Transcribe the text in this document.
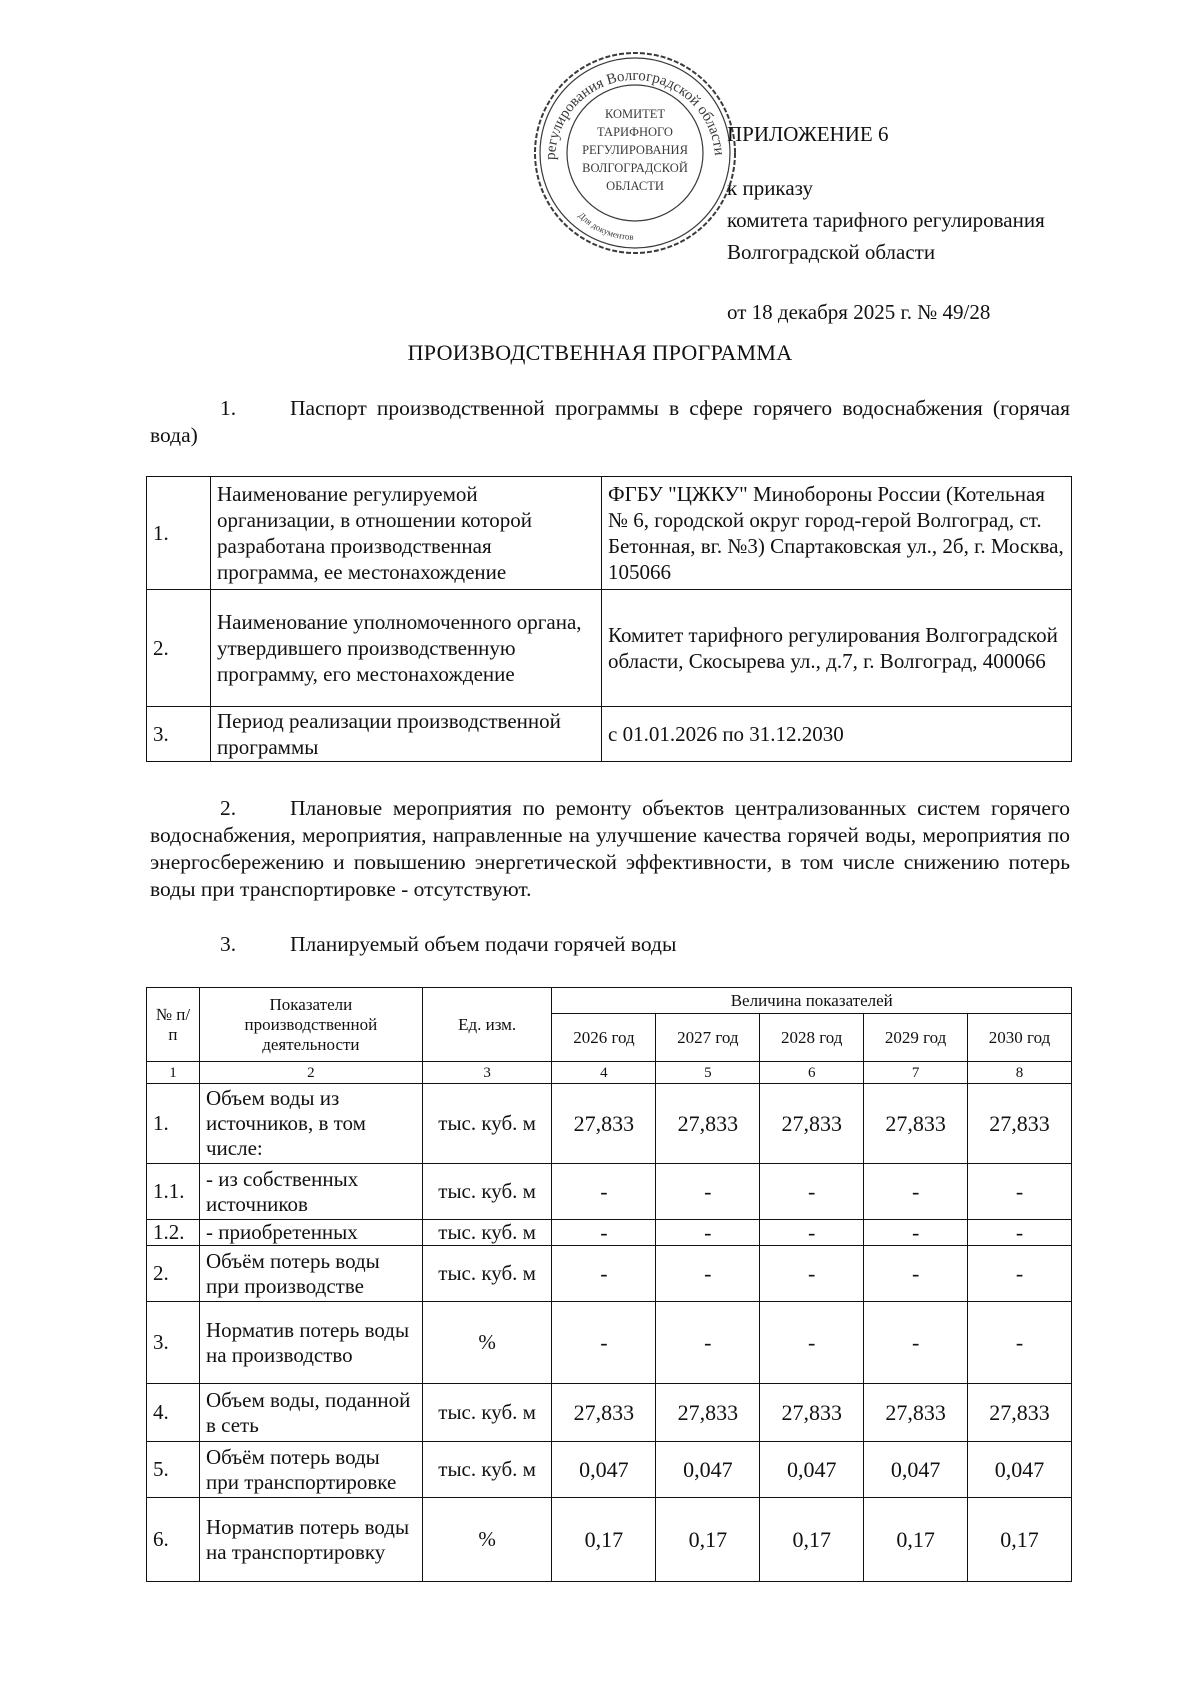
регулирования Волгоградской области
Для документов
КОМИТЕТ
ТАРИФНОГО
РЕГУЛИРОВАНИЯ
ВОЛГОГРАДСКОЙ
ОБЛАСТИ
ПРИЛОЖЕНИЕ 6
к приказу
комитета тарифного регулирования
Волгоградской области
от 18 декабря 2025 г. № 49/28
ПРОИЗВОДСТВЕННАЯ ПРОГРАММА
1.	Паспорт производственной программы в сфере горячего водоснабжения (горячая вода)
1.	Наименование регулируемой организации, в отношении которой разработана производственная программа, ее местонахождение	ФГБУ "ЦЖКУ" Минобороны России (Котельная № 6, городской округ город-герой Волгоград, ст. Бетонная, вг. №3) Спартаковская ул., 2б, г. Москва, 105066
2.	Наименование уполномоченного органа, утвердившего производственную программу, его местонахождение	Комитет тарифного регулирования Волгоградской области, Скосырева ул., д.7, г. Волгоград, 400066
3.	Период реализации производственной программы	с 01.01.2026 по 31.12.2030
2.	Плановые мероприятия по ремонту объектов централизованных систем горячего водоснабжения, мероприятия, направленные на улучшение качества горячей воды, мероприятия по энергосбережению и повышению энергетической эффективности, в том числе снижению потерь воды при транспортировке - отсутствуют.
3.	Планируемый объем подачи горячей воды
№ п/п	Показатели производственной деятельности	Ед. изм.	Величина показателей				
			2026 год	2027 год	2028 год	2029 год	2030 год
1	2	3	4	5	6	7	8
1.	Объем воды из источников, в том числе:	тыс. куб. м	27,833	27,833	27,833	27,833	27,833
1.1.	- из собственных источников	тыс. куб. м	-	-	-	-	-
1.2.	- приобретенных	тыс. куб. м	-	-	-	-	-
2.	Объём потерь воды при производстве	тыс. куб. м	-	-	-	-	-
3.	Норматив потерь воды на производство	%	-	-	-	-	-
4.	Объем воды, поданной в сеть	тыс. куб. м	27,833	27,833	27,833	27,833	27,833
5.	Объём потерь воды при транспортировке	тыс. куб. м	0,047	0,047	0,047	0,047	0,047
6.	Норматив потерь воды на транспортировку	%	0,17	0,17	0,17	0,17	0,17
